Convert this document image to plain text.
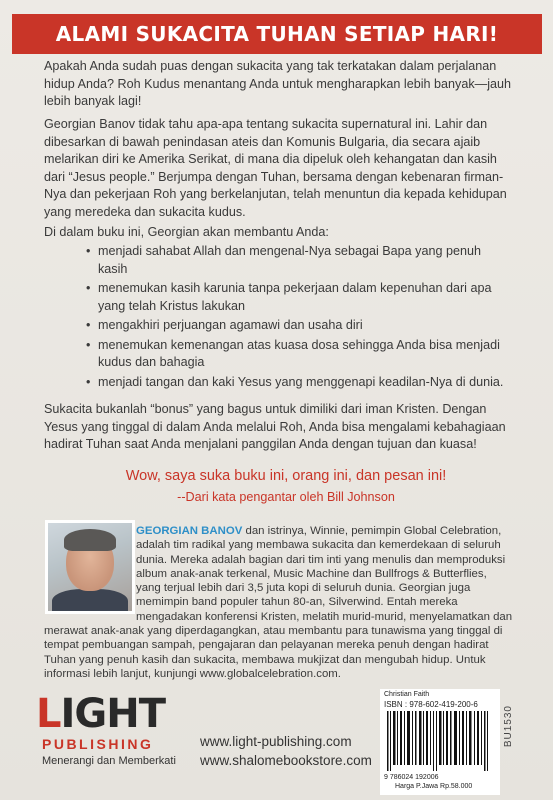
ALAMI SUKACITA TUHAN SETIAP HARI!
Apakah Anda sudah puas dengan sukacita yang tak terkatakan dalam perjalanan hidup Anda? Roh Kudus menantang Anda untuk mengharapkan lebih banyak—jauh lebih banyak lagi!
Georgian Banov tidak tahu apa-apa tentang sukacita supernatural ini. Lahir dan dibesarkan di bawah penindasan ateis dan Komunis Bulgaria, dia secara ajaib melarikan diri ke Amerika Serikat, di mana dia dipeluk oleh kehangatan dan kasih dari “Jesus people.” Berjumpa dengan Tuhan, bersama dengan kebenaran firman-Nya dan pekerjaan Roh yang berkelanjutan, telah menuntun dia kepada kehidupan yang meredeka dan sukacita kudus.
Di dalam buku ini, Georgian akan membantu Anda:
• menjadi sahabat Allah dan mengenal-Nya sebagai Bapa yang penuh kasih
• menemukan kasih karunia tanpa pekerjaan dalam kepenuhan dari apa yang telah Kristus lakukan
• mengakhiri perjuangan agamawi dan usaha diri
• menemukan kemenangan atas kuasa dosa sehingga Anda bisa menjadi kudus dan bahagia
• menjadi tangan dan kaki Yesus yang menggenapi keadilan-Nya di dunia.
Sukacita bukanlah “bonus” yang bagus untuk dimiliki dari iman Kristen. Dengan Yesus yang tinggal di dalam Anda melalui Roh, Anda bisa mengalami kebahagiaan hadirat Tuhan saat Anda menjalani panggilan Anda dengan tujuan dan kuasa!
Wow, saya suka buku ini, orang ini, dan pesan ini!
--Dari kata pengantar oleh Bill Johnson
GEORGIAN BANOV dan istrinya, Winnie, pemimpin Global Celebration, adalah tim radikal yang membawa sukacita dan kemerdekaan di seluruh dunia. Mereka adalah bagian dari tim inti yang menulis dan memproduksi album anak-anak terkenal, Music Machine dan Bullfrogs & Butterflies, yang terjual lebih dari 3,5 juta kopi di seluruh dunia. Georgian juga memimpin band populer tahun 80-an, Silverwind. Entah mereka mengadakan konferensi Kristen, melatih murid-murid, menyelamatkan dan merawat anak-anak yang diperdagangkan, atau membantu para tunawisma yang tinggal di tempat pembuangan sampah, pengajaran dan pelayanan mereka penuh dengan hadirat Tuhan yang penuh kasih dan sukacita, membawa mukjizat dan mengubah hidup. Untuk informasi lebih lanjut, kunjungi www.globalcelebration.com.
LIGHT
PUBLISHING
Menerangi dan Memberkati
www.light-publishing.com
www.shalomebookstore.com
Christian Faith
ISBN : 978-602-419-200-6
9 786024 192006
Harga P.Jawa Rp.58.000
BU1530
